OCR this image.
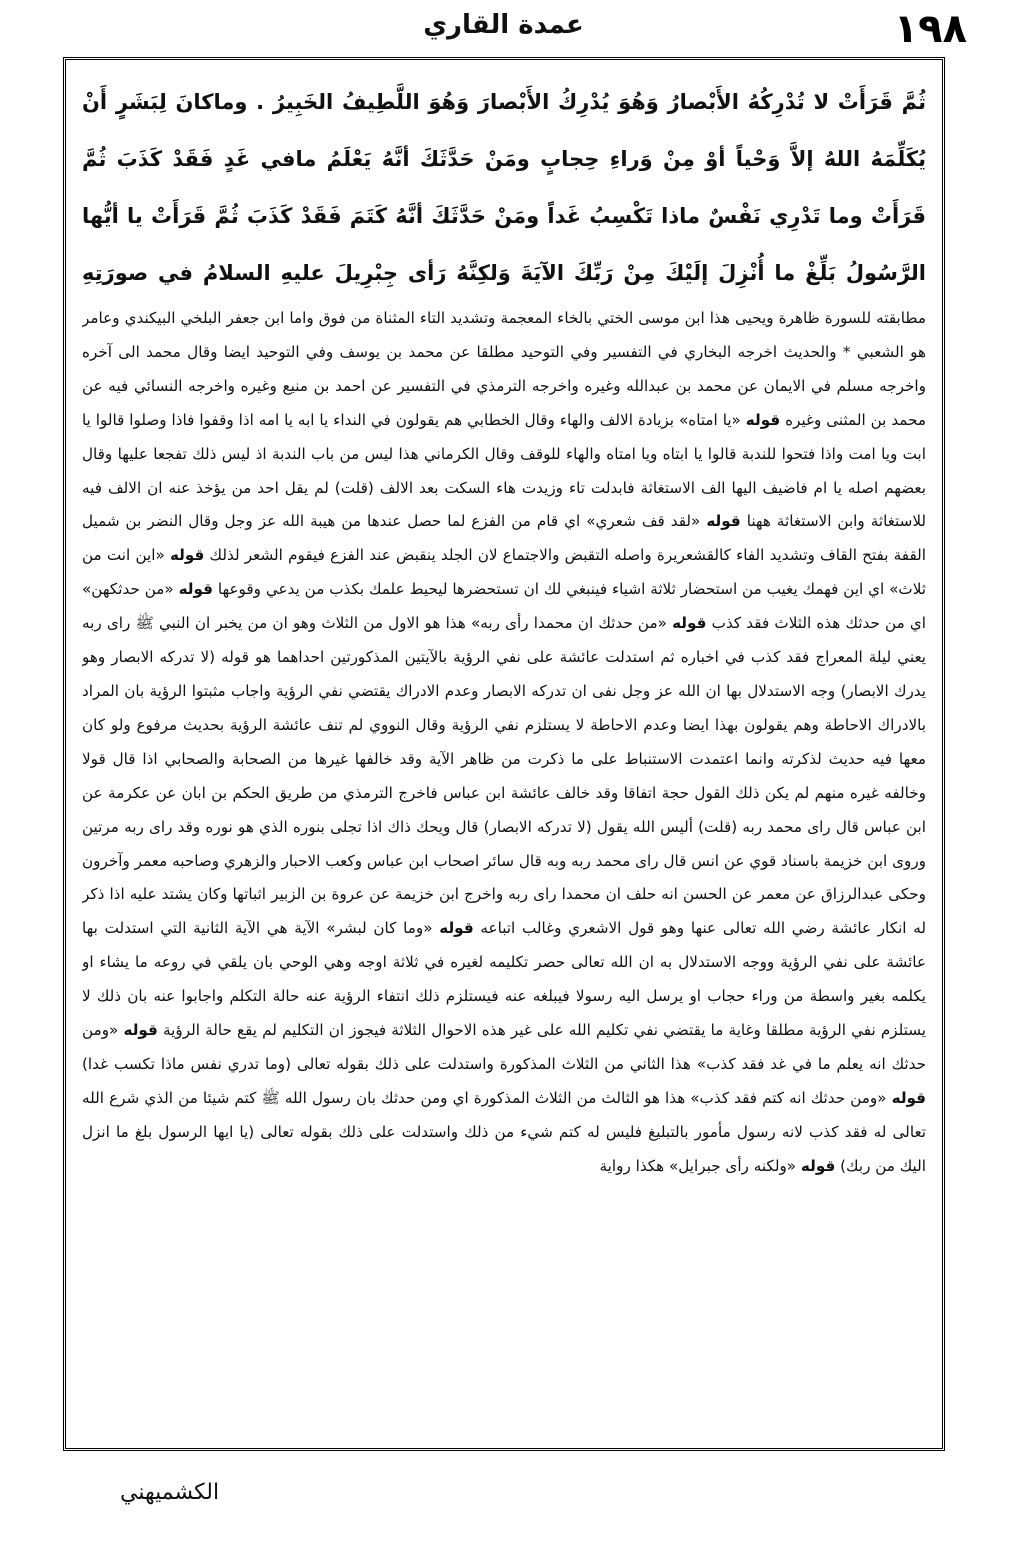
١٩٨
عمدة القاري
ثُمَّ قَرَأَتْ لا تُدْرِكُهُ الأَبْصارُ وَهُوَ يُدْرِكُ الأَبْصارَ وَهُوَ اللَّطِيفُ الخَبِيرُ . وماكانَ لِبَشَرٍ أَنْ يُكَلِّمَهُ اللهُ إلاَّ وَحْياً أوْ مِنْ وَراءِ حِجابٍ ومَنْ حَدَّثَكَ أنَّهُ يَعْلَمُ مافي غَدٍ فَقَدْ كَذَبَ ثُمَّ قَرَأَتْ وما تَدْرِي نَفْسٌ ماذا تَكْسِبُ غَداً ومَنْ حَدَّثَكَ أنَّهُ كَتَمَ فَقَدْ كَذَبَ ثُمَّ قَرَأَتْ يا أيُّها الرَّسُولُ بَلِّغْ ما أُنْزِلَ إلَيْكَ مِنْ رَبِّكَ الآيَةَ وَلكِنَّهُ رَأى جِبْرِيلَ عليهِ السلامُ في صورَتِهِ

مطابقته للسورة ظاهرة ويحيى هذا ابن موسى الختي بالخاء المعجمة وتشديد التاء المثناة من فوق واما ابن جعفر البلخي البيكندي وعامر هو الشعبي * والحديث اخرجه البخاري في التفسير وفي التوحيد مطلقا عن محمد بن يوسف وفي التوحيد ايضا وقال محمد الى آخره واخرجه مسلم في الايمان عن محمد بن عبدالله وغيره واخرجه الترمذي في التفسير عن احمد بن منيع وغيره واخرجه النسائي فيه عن محمد بن المثنى وغيره قوله «يا امتاه» بزيادة الالف والهاء وقال الخطابي هم يقولون في النداء يا ابه يا امه اذا وقفوا فاذا وصلوا قالوا يا ابت ويا امت واذا فتحوا للندبة قالوا يا ابتاه ويا امتاه والهاء للوقف وقال الكرماني هذا ليس من باب الندبة اذ ليس ذلك تفجعا عليها وقال بعضهم اصله يا ام فاضيف اليها الف الاستغاثة فابدلت تاء وزيدت هاء السكت بعد الالف (قلت) لم يقل احد من يؤخذ عنه ان الالف فيه للاستغاثة وابن الاستغاثة ههنا قوله «لقد قف شعري» اي قام من الفزع لما حصل عندها من هيبة الله عز وجل وقال النضر بن شميل القفة بفتح القاف وتشديد الفاء كالقشعريرة واصله التقبض والاجتماع لان الجلد ينقبض عند الفزع فيقوم الشعر لذلك قوله «اين انت من ثلاث» اي اين فهمك يغيب من استحضار ثلاثة اشياء فينبغي لك ان تستحضرها ليحيط علمك بكذب من يدعي وقوعها قوله «من حدثكهن» اي من حدثك هذه الثلاث فقد كذب قوله «من حدثك ان محمدا رأى ربه» هذا هو الاول من الثلاث وهو ان من يخبر ان النبي ﷺ راى ربه يعني ليلة المعراج فقد كذب في اخباره ثم استدلت عائشة على نفي الرؤية بالآيتين المذكورتين احداهما هو قوله (لا تدركه الابصار وهو يدرك الابصار) وجه الاستدلال بها ان الله عز وجل نفى ان تدركه الابصار وعدم الادراك يقتضي نفي الرؤية واجاب مثبتوا الرؤية بان المراد بالادراك الاحاطة وهم يقولون بهذا ايضا وعدم الاحاطة لا يستلزم نفي الرؤية وقال النووي لم تنف عائشة الرؤية بحديث مرفوع ولو كان معها فيه حديث لذكرته وانما اعتمدت الاستنباط على ما ذكرت من ظاهر الآية وقد خالفها غيرها من الصحابة والصحابي اذا قال قولا وخالفه غيره منهم لم يكن ذلك القول حجة اتفاقا وقد خالف عائشة ابن عباس فاخرج الترمذي من طريق الحكم بن ابان عن عكرمة عن ابن عباس قال راى محمد ربه (قلت) أليس الله يقول (لا تدركه الابصار) قال ويحك ذاك اذا تجلى بنوره الذي هو نوره وقد راى ربه مرتين وروى ابن خزيمة باسناد قوي عن انس قال راى محمد ربه وبه قال سائر اصحاب ابن عباس وكعب الاحبار والزهري وصاحبه معمر وآخرون وحكى عبدالرزاق عن معمر عن الحسن انه حلف ان محمدا راى ربه واخرج ابن خزيمة عن عروة بن الزبير اثباتها وكان يشتد عليه اذا ذكر له انكار عائشة رضي الله تعالى عنها وهو قول الاشعري وغالب اتباعه قوله «وما كان لبشر» الآية هي الآية الثانية التي استدلت بها عائشة على نفي الرؤية ووجه الاستدلال به ان الله تعالى حصر تكليمه لغيره في ثلاثة اوجه وهي الوحي بان يلقي في روعه ما يشاء او يكلمه بغير واسطة من وراء حجاب او يرسل اليه رسولا فيبلغه عنه فيستلزم ذلك انتفاء الرؤية عنه حالة التكلم واجابوا عنه بان ذلك لا يستلزم نفي الرؤية مطلقا وغاية ما يقتضي نفي تكليم الله على غير هذه الاحوال الثلاثة فيجوز ان التكليم لم يقع حالة الرؤية قوله «ومن حدثك انه يعلم ما في غد فقد كذب» هذا الثاني من الثلاث المذكورة واستدلت على ذلك بقوله تعالى (وما تدري نفس ماذا تكسب غدا) قوله «ومن حدثك انه كتم فقد كذب» هذا هو الثالث من الثلاث المذكورة اي ومن حدثك بان رسول الله ﷺ كتم شيئا من الذي شرع الله تعالى له فقد كذب لانه رسول مأمور بالتبليغ فليس له كتم شيء من ذلك واستدلت على ذلك بقوله تعالى (يا ايها الرسول بلغ ما انزل اليك من ربك) قوله «ولكنه رأى جبرايل» هكذا رواية

الكشميهني
